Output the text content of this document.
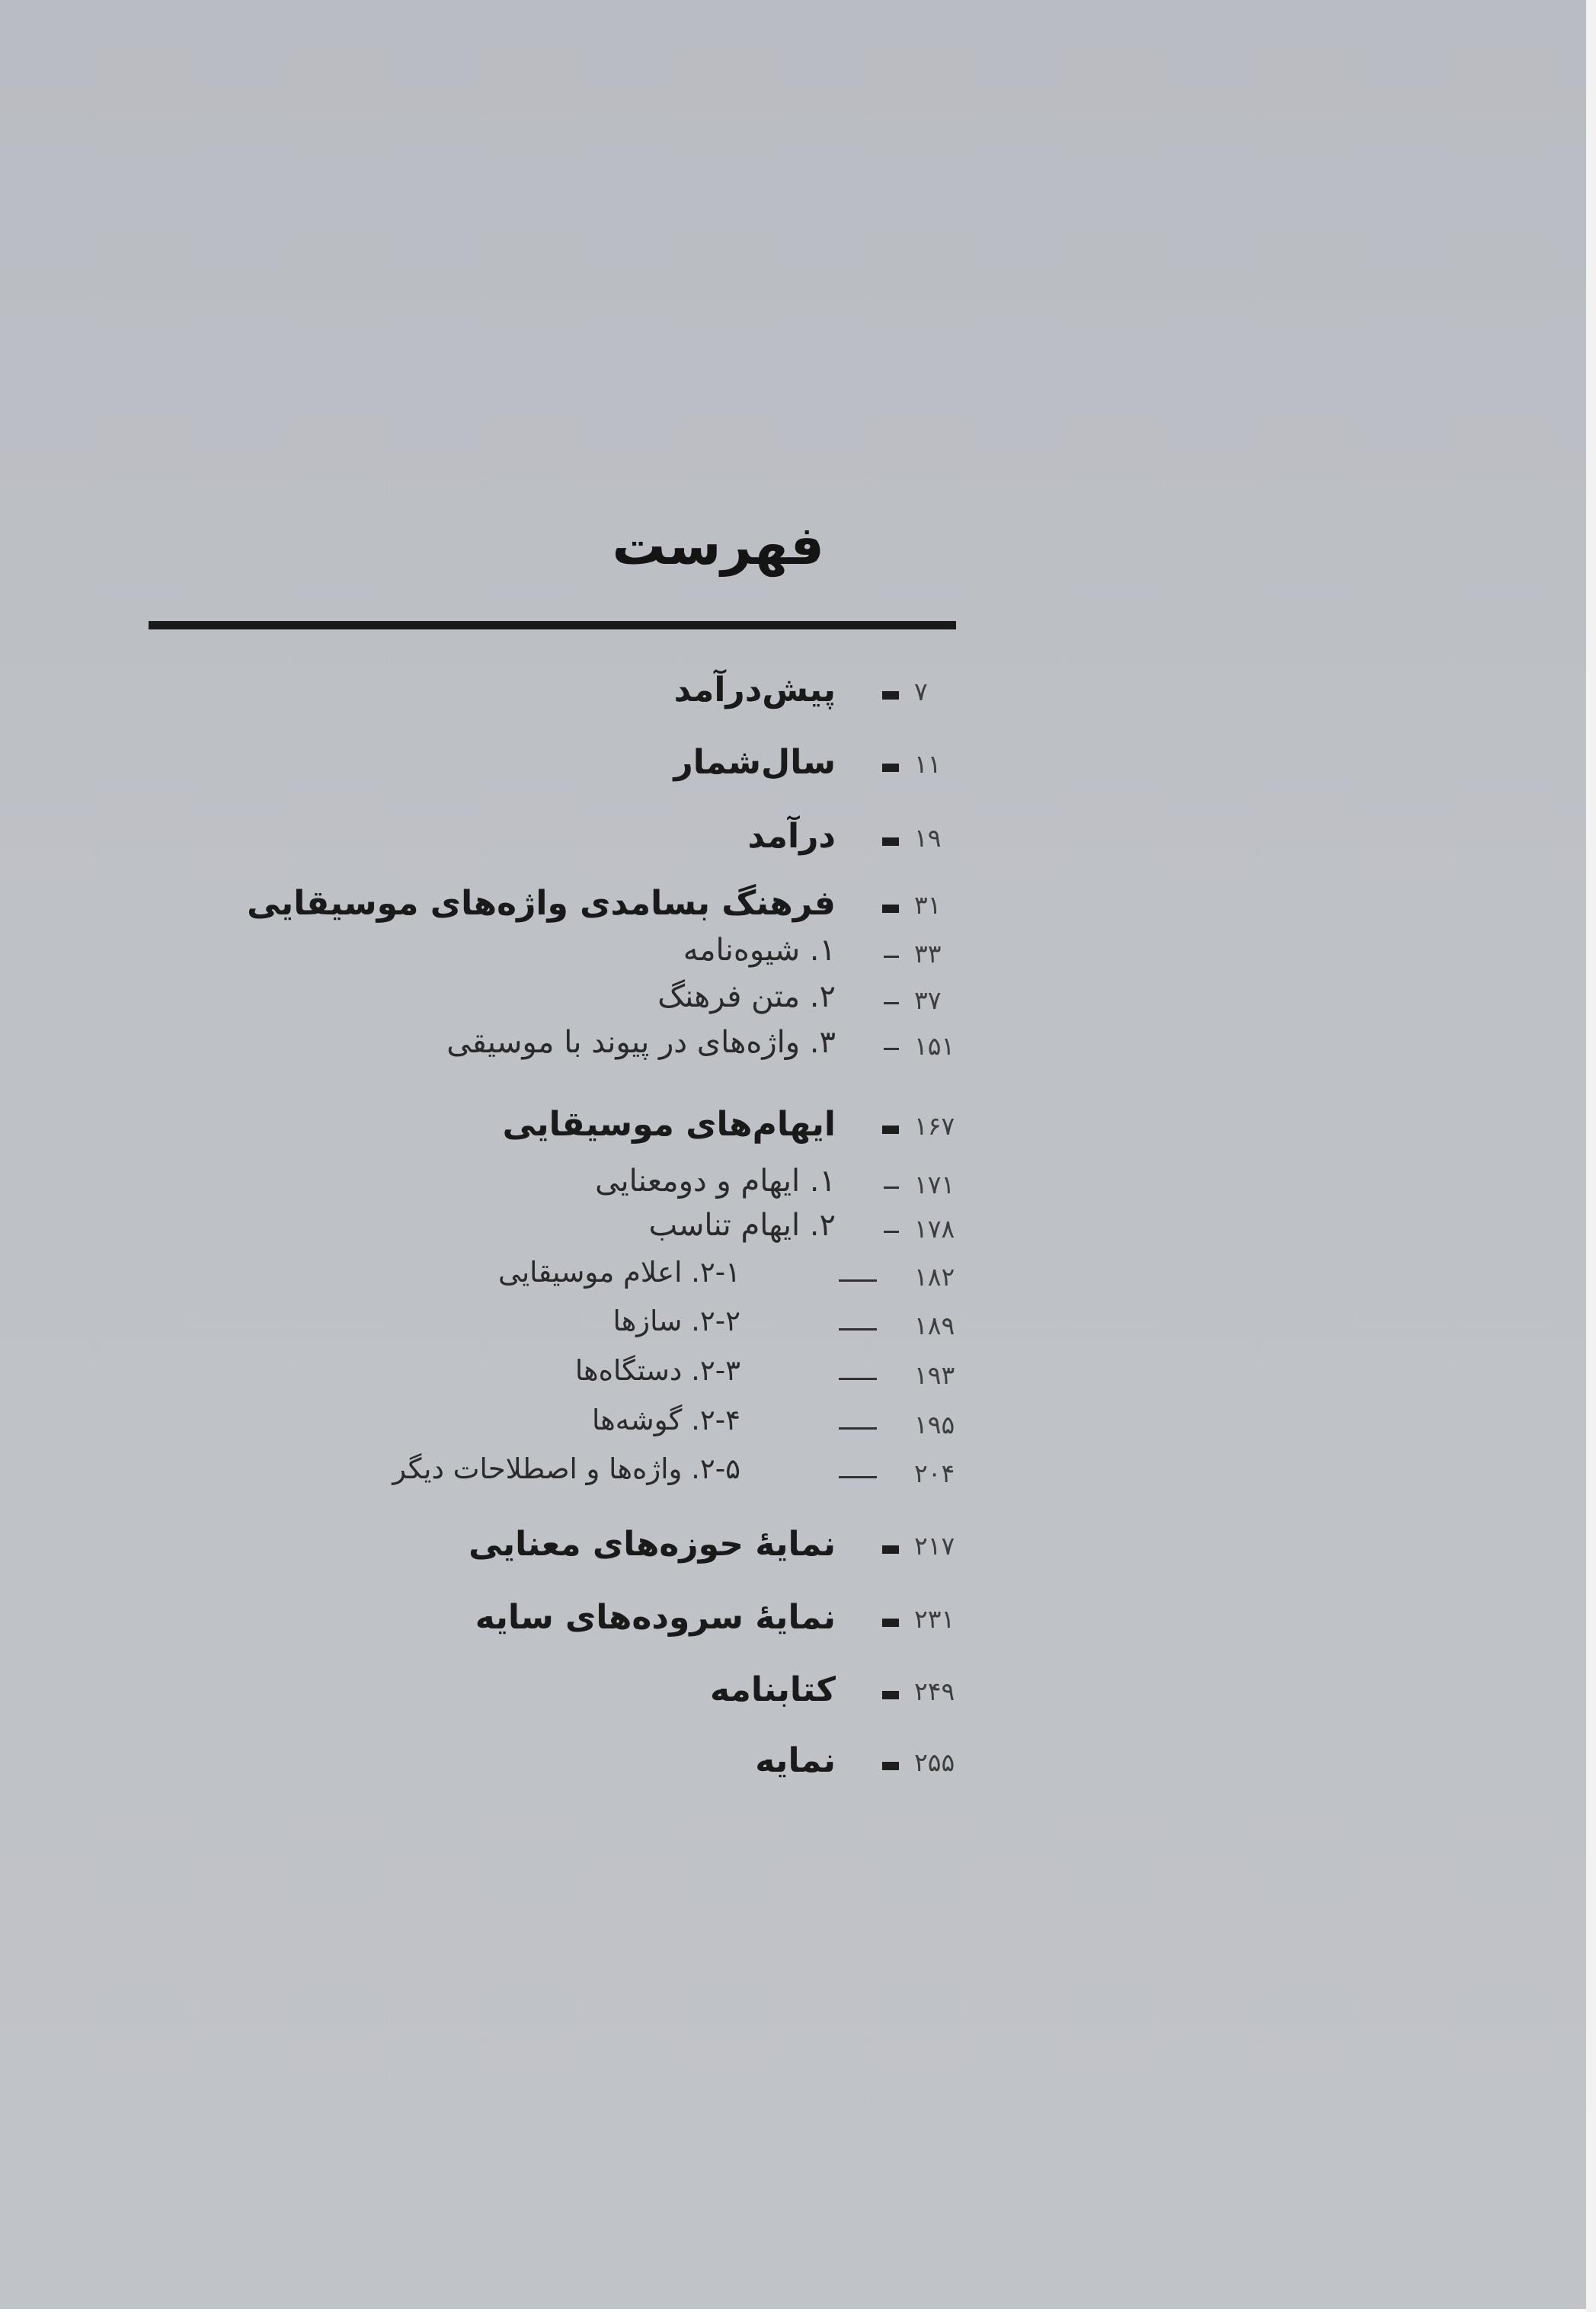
فهرست
۷
پیش‌درآمد
۱۱
سال‌شمار
۱۹
درآمد
۳۱
فرهنگ بسامدی واژه‌های موسیقایی
۳۳
۱. شیوه‌نامه
۳۷
۲. متن فرهنگ
۱۵۱
۳. واژه‌های در پیوند با موسیقی
۱۶۷
ایهام‌های موسیقایی
۱۷۱
۱. ایهام و دومعنایی
۱۷۸
۲. ایهام تناسب
۱۸۲
۲-۱. اعلام موسیقایی
۱۸۹
۲-۲. سازها
۱۹۳
۲-۳. دستگاه‌ها
۱۹۵
۲-۴. گوشه‌ها
۲۰۴
۲-۵. واژه‌ها و اصطلاحات دیگر
۲۱۷
نمایهٔ حوزه‌های معنایی
۲۳۱
نمایهٔ سروده‌های سایه
۲۴۹
کتابنامه
۲۵۵
نمایه
